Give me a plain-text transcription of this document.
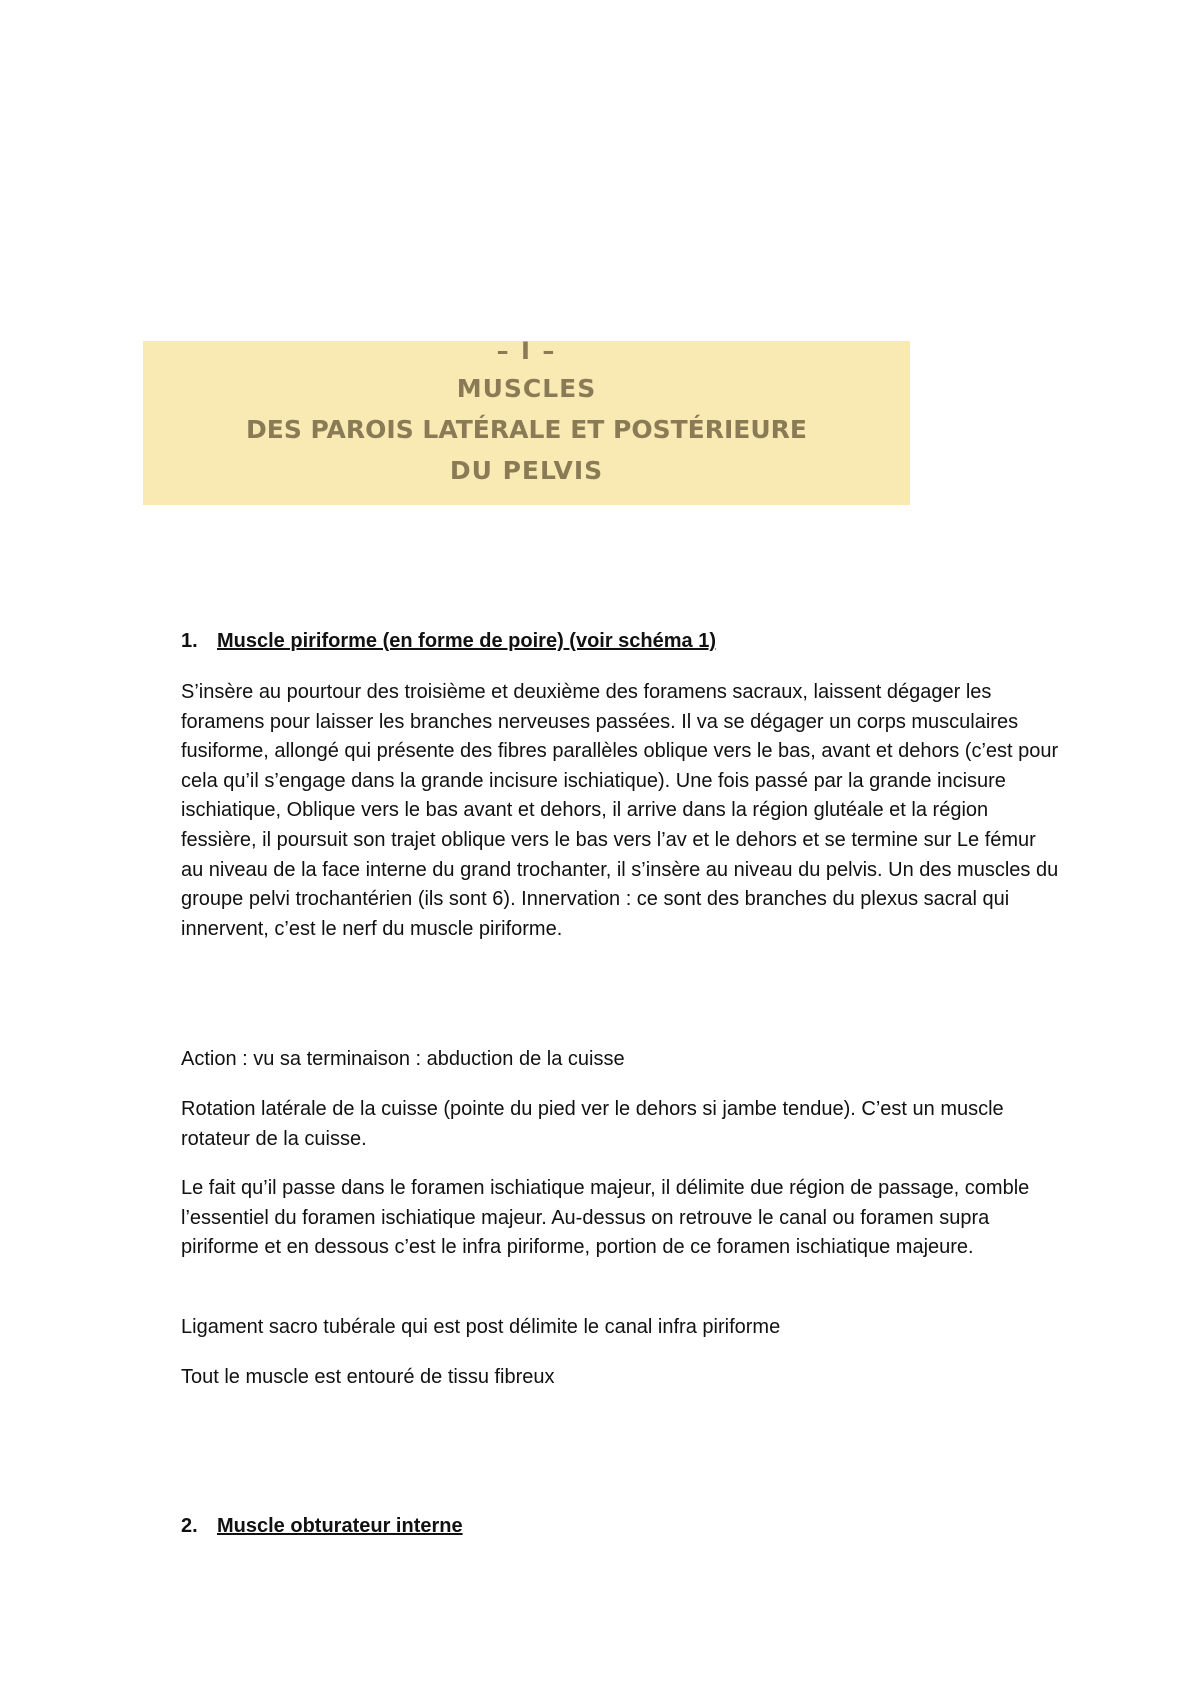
– I –
MUSCLES
DES PAROIS LATÉRALE ET POSTÉRIEURE
DU PELVIS
1. Muscle piriforme (en forme de poire) (voir schéma 1)

S’insère au pourtour des troisième et deuxième des foramens sacraux, laissent dégager les foramens pour laisser les branches nerveuses passées. Il va se dégager un corps musculaires fusiforme, allongé qui présente des fibres parallèles oblique vers le bas, avant et dehors (c’est pour cela qu’il s’engage dans la grande incisure ischiatique). Une fois passé par la grande incisure ischiatique, Oblique vers le bas avant et dehors, il arrive dans la région glutéale et la région fessière, il poursuit son trajet oblique vers le bas vers l’av et le dehors et se termine sur Le fémur au niveau de la face interne du grand trochanter, il s’insère au niveau du pelvis. Un des muscles du groupe pelvi trochantérien (ils sont 6). Innervation : ce sont des branches du plexus sacral qui innervent, c’est le nerf du muscle piriforme.

Action : vu sa terminaison : abduction de la cuisse

Rotation latérale de la cuisse (pointe du pied ver le dehors si jambe tendue). C’est un muscle rotateur de la cuisse.

Le fait qu’il passe dans le foramen ischiatique majeur, il délimite due région de passage, comble l’essentiel du foramen ischiatique majeur. Au-dessus on retrouve le canal ou foramen supra piriforme et en dessous c’est le infra piriforme, portion de ce foramen ischiatique majeure.

Ligament sacro tubérale qui est post délimite le canal infra piriforme

Tout le muscle est entouré de tissu fibreux

2. Muscle obturateur interne
